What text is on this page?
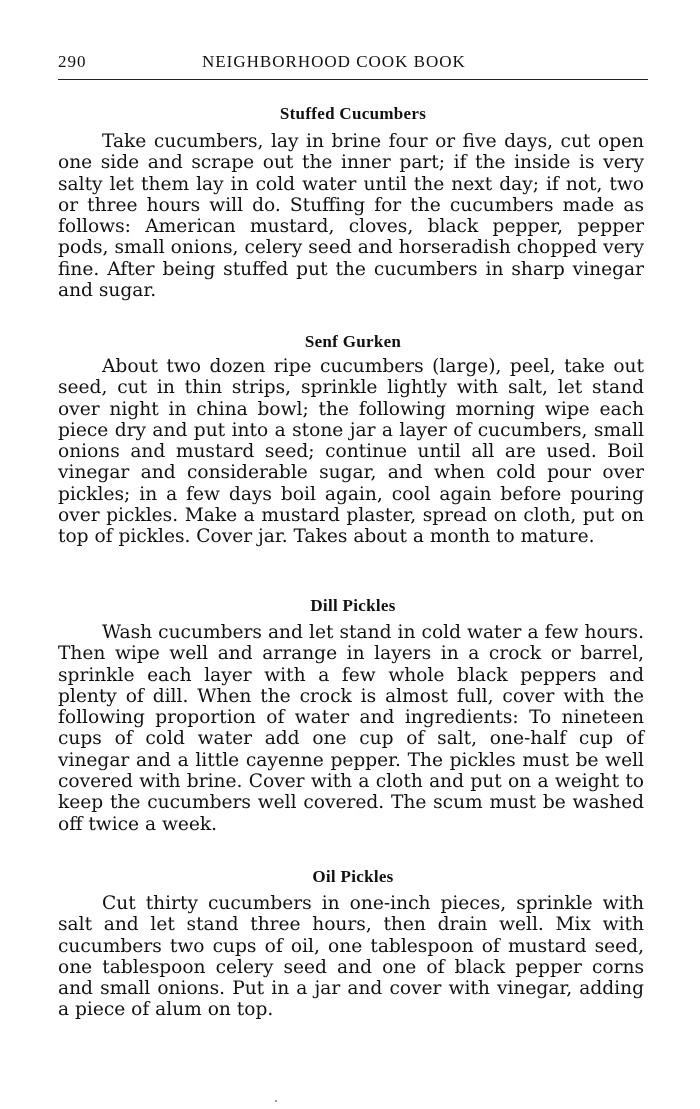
290	NEIGHBORHOOD COOK BOOK
Stuffed Cucumbers
Take cucumbers, lay in brine four or five days, cut open one side and scrape out the inner part; if the inside is very salty let them lay in cold water until the next day; if not, two or three hours will do. Stuffing for the cucumbers made as follows: American mustard, cloves, black pepper, pepper pods, small onions, celery seed and horseradish chopped very fine. After being stuffed put the cucumbers in sharp vinegar and sugar.
Senf Gurken
About two dozen ripe cucumbers (large), peel, take out seed, cut in thin strips, sprinkle lightly with salt, let stand over night in china bowl; the following morning wipe each piece dry and put into a stone jar a layer of cucumbers, small onions and mustard seed; continue until all are used. Boil vinegar and considerable sugar, and when cold pour over pickles; in a few days boil again, cool again before pouring over pickles. Make a mustard plaster, spread on cloth, put on top of pickles. Cover jar. Takes about a month to mature.
Dill Pickles
Wash cucumbers and let stand in cold water a few hours. Then wipe well and arrange in layers in a crock or barrel, sprinkle each layer with a few whole black peppers and plenty of dill. When the crock is almost full, cover with the following proportion of water and ingredients: To nineteen cups of cold water add one cup of salt, one-half cup of vinegar and a little cayenne pepper. The pickles must be well covered with brine. Cover with a cloth and put on a weight to keep the cucumbers well covered. The scum must be washed off twice a week.
Oil Pickles
Cut thirty cucumbers in one-inch pieces, sprinkle with salt and let stand three hours, then drain well. Mix with cucumbers two cups of oil, one tablespoon of mustard seed, one tablespoon celery seed and one of black pepper corns and small onions. Put in a jar and cover with vinegar, adding a piece of alum on top.
